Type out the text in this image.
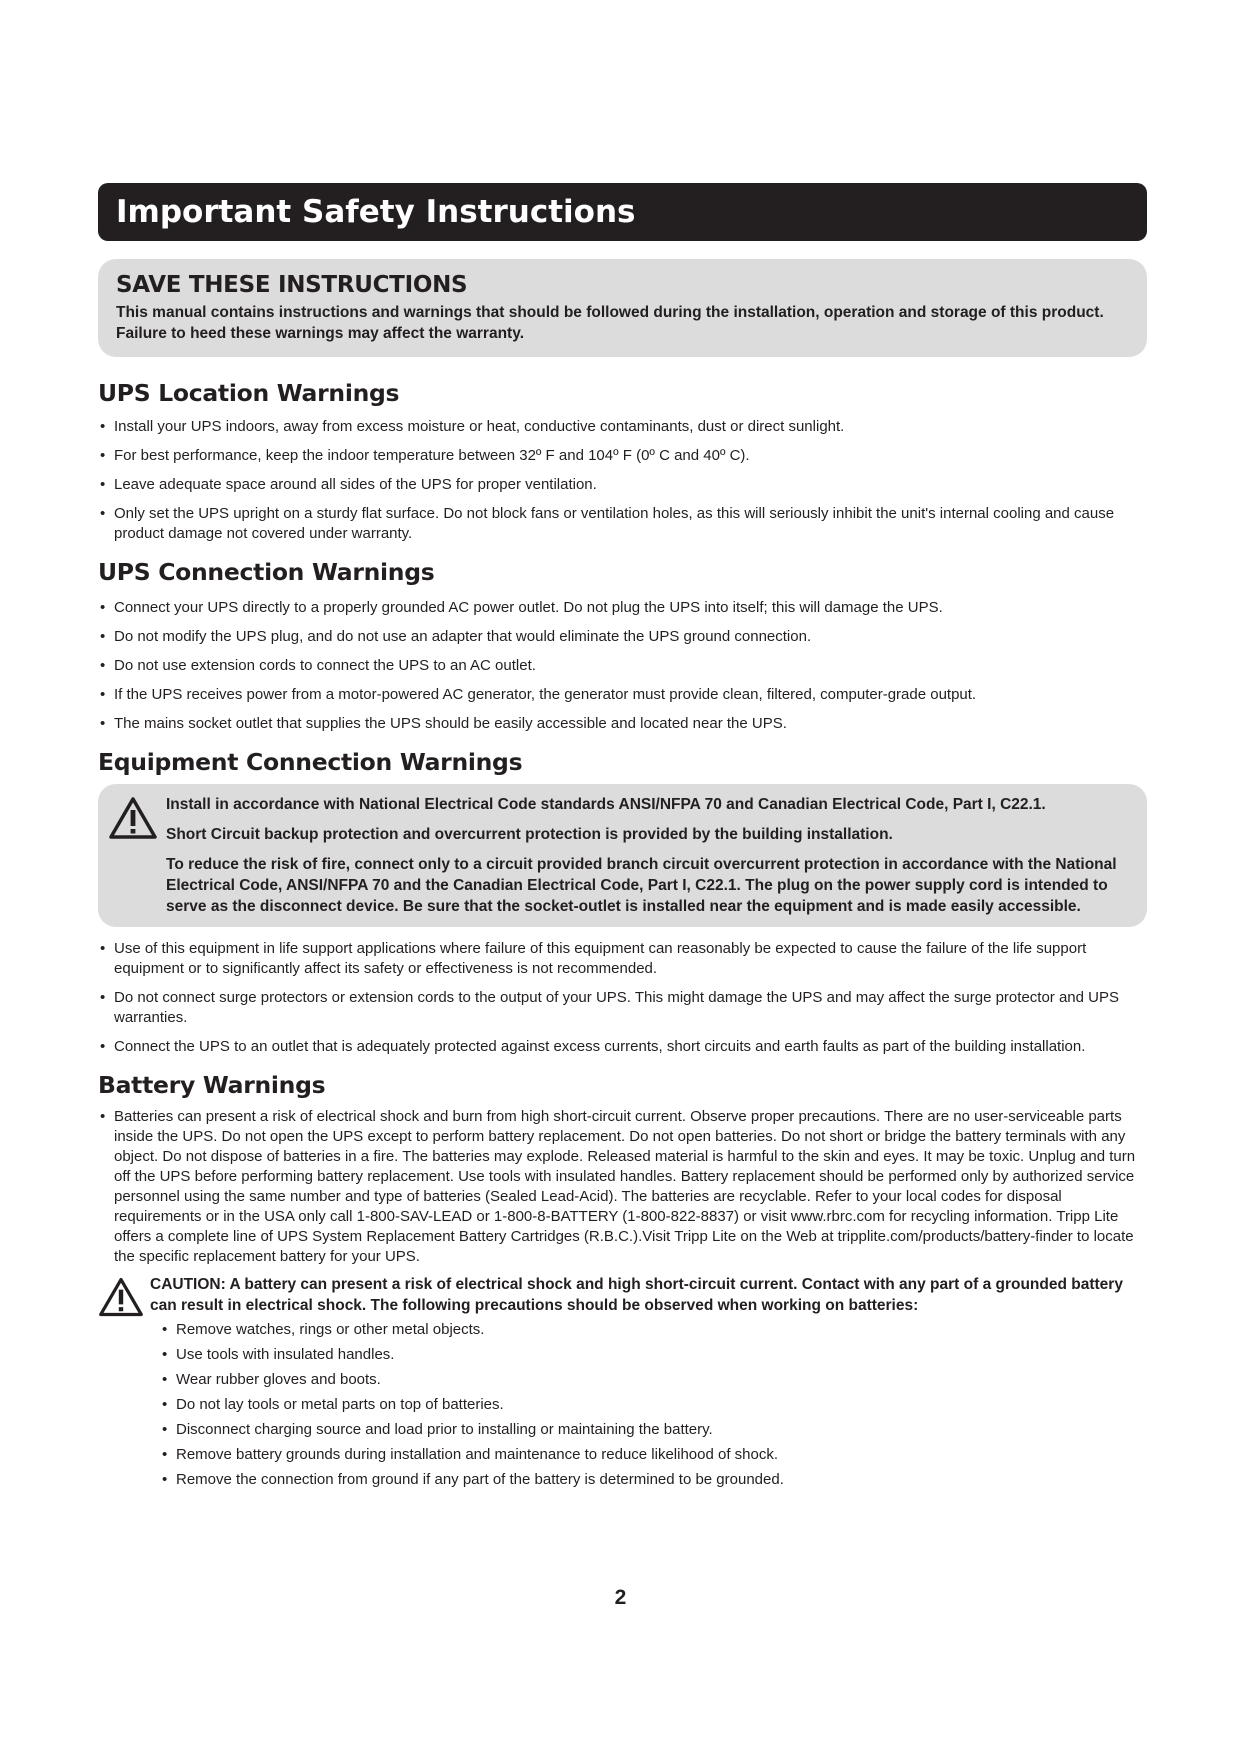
Important Safety Instructions
SAVE THESE INSTRUCTIONS

This manual contains instructions and warnings that should be followed during the installation, operation and storage of this product. Failure to heed these warnings may affect the warranty.

UPS Location Warnings
• Install your UPS indoors, away from excess moisture or heat, conductive contaminants, dust or direct sunlight.
• For best performance, keep the indoor temperature between 32º F and 104º F (0º C and 40º C).
• Leave adequate space around all sides of the UPS for proper ventilation.
• Only set the UPS upright on a sturdy flat surface. Do not block fans or ventilation holes, as this will seriously inhibit the unit's internal cooling and cause product damage not covered under warranty.
UPS Connection Warnings
• Connect your UPS directly to a properly grounded AC power outlet. Do not plug the UPS into itself; this will damage the UPS.
• Do not modify the UPS plug, and do not use an adapter that would eliminate the UPS ground connection.
• Do not use extension cords to connect the UPS to an AC outlet.
• If the UPS receives power from a motor-powered AC generator, the generator must provide clean, filtered, computer-grade output.
• The mains socket outlet that supplies the UPS should be easily accessible and located near the UPS.
Equipment Connection Warnings

Install in accordance with National Electrical Code standards ANSI/NFPA 70 and Canadian Electrical Code, Part I, C22.1.

Short Circuit backup protection and overcurrent protection is provided by the building installation.

To reduce the risk of fire, connect only to a circuit provided branch circuit overcurrent protection in accordance with the National Electrical Code, ANSI/NFPA 70 and the Canadian Electrical Code, Part I, C22.1. The plug on the power supply cord is intended to serve as the disconnect device. Be sure that the socket-outlet is installed near the equipment and is made easily accessible.

• Use of this equipment in life support applications where failure of this equipment can reasonably be expected to cause the failure of the life support equipment or to significantly affect its safety or effectiveness is not recommended.
• Do not connect surge protectors or extension cords to the output of your UPS. This might damage the UPS and may affect the surge protector and UPS warranties.
• Connect the UPS to an outlet that is adequately protected against excess currents, short circuits and earth faults as part of the building installation.
Battery Warnings
• Batteries can present a risk of electrical shock and burn from high short-circuit current. Observe proper precautions. There are no user-serviceable parts inside the UPS. Do not open the UPS except to perform battery replacement. Do not open batteries. Do not short or bridge the battery terminals with any object. Do not dispose of batteries in a fire. The batteries may explode. Released material is harmful to the skin and eyes. It may be toxic. Unplug and turn off the UPS before performing battery replacement. Use tools with insulated handles. Battery replacement should be performed only by authorized service personnel using the same number and type of batteries (Sealed Lead-Acid). The batteries are recyclable. Refer to your local codes for disposal requirements or in the USA only call 1-800-SAV-LEAD or 1-800-8-BATTERY (1-800-822-8837) or visit www.rbrc.com for recycling information. Tripp Lite offers a complete line of UPS System Replacement Battery Cartridges (R.B.C.).Visit Tripp Lite on the Web at tripplite.com/products/battery-finder to locate the specific replacement battery for your UPS.

CAUTION: A battery can present a risk of electrical shock and high short-circuit current. Contact with any part of a grounded battery can result in electrical shock. The following precautions should be observed when working on batteries:

• Remove watches, rings or other metal objects.
• Use tools with insulated handles.
• Wear rubber gloves and boots.
• Do not lay tools or metal parts on top of batteries.
• Disconnect charging source and load prior to installing or maintaining the battery.
• Remove battery grounds during installation and maintenance to reduce likelihood of shock.
• Remove the connection from ground if any part of the battery is determined to be grounded.
2
